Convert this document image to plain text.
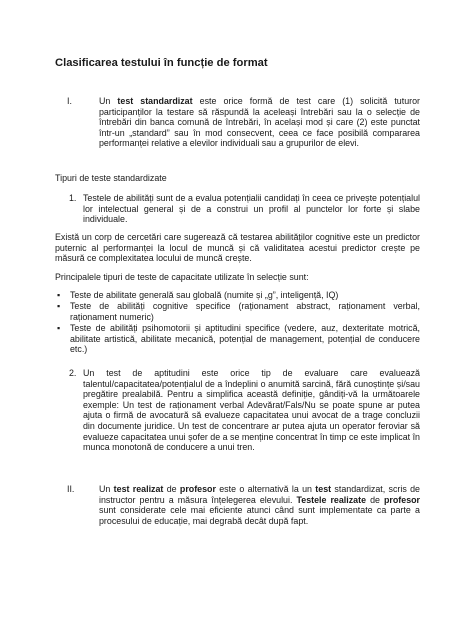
Clasificarea testului în funcție de format
I.	Un test standardizat este orice formă de test care (1) solicită tuturor participanților la testare să răspundă la aceleași întrebări sau la o selecție de întrebări din banca comună de întrebări, în același mod și care (2) este punctat într-un „standard” sau în mod consecvent, ceea ce face posibilă compararea performanței relative a elevilor individuali sau a grupurilor de elevi.

Tipuri de teste standardizate

1. Testele de abilități sunt de a evalua potențialii candidați în ceea ce privește potențialul lor intelectual general și de a construi un profil al punctelor lor forte și slabe individuale.

Există un corp de cercetări care sugerează că testarea abilităților cognitive este un predictor puternic al performanței la locul de muncă și că validitatea acestui predictor crește pe măsură ce complexitatea locului de muncă crește.

Principalele tipuri de teste de capacitate utilizate în selecție sunt:

▪ Teste de abilitate generală sau globală (numite și „g”, inteligență, IQ)

▪ Teste de abilități cognitive specifice (raționament abstract, raționament verbal, raționament numeric)

▪ Teste de abilități psihomotorii și aptitudini specifice (vedere, auz, dexteritate motrică, abilitate artistică, abilitate mecanică, potențial de management, potențial de conducere etc.)

2. Un test de aptitudini este orice tip de evaluare care evaluează talentul/capacitatea/potențialul de a îndeplini o anumită sarcină, fără cunoștințe și/sau pregătire prealabilă. Pentru a simplifica această definiție, gândiți-vă la următoarele exemple: Un test de raționament verbal Adevărat/Fals/Nu se poate spune ar putea ajuta o firmă de avocatură să evalueze capacitatea unui avocat de a trage concluzii din documente juridice. Un test de concentrare ar putea ajuta un operator feroviar să evalueze capacitatea unui șofer de a se menține concentrat în timp ce este implicat în munca monotonă de conducere a unui tren.

II.	Un test realizat de profesor este o alternativă la un test standardizat, scris de instructor pentru a măsura înțelegerea elevului. Testele realizate de profesor sunt considerate cele mai eficiente atunci când sunt implementate ca parte a procesului de educație, mai degrabă decât după fapt.
